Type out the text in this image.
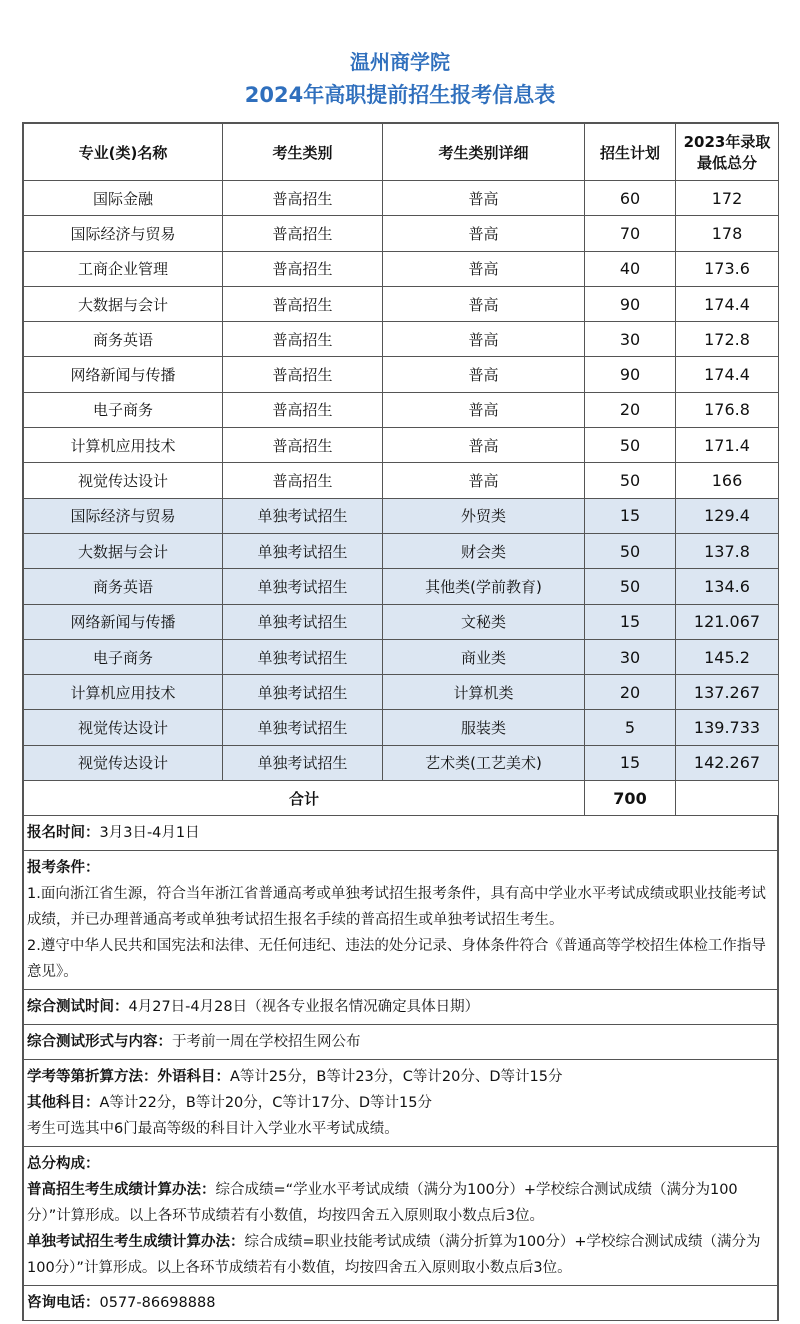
温州商学院
2024年高职提前招生报考信息表
专业(类)名称	考生类别	考生类别详细	招生计划	2023年录取
最低总分

国际金融	普高招生	普高	60	172
国际经济与贸易	普高招生	普高	70	178
工商企业管理	普高招生	普高	40	173.6
大数据与会计	普高招生	普高	90	174.4
商务英语	普高招生	普高	30	172.8
网络新闻与传播	普高招生	普高	90	174.4
电子商务	普高招生	普高	20	176.8
计算机应用技术	普高招生	普高	50	171.4
视觉传达设计	普高招生	普高	50	166
国际经济与贸易	单独考试招生	外贸类	15	129.4
大数据与会计	单独考试招生	财会类	50	137.8
商务英语	单独考试招生	其他类(学前教育)	50	134.6
网络新闻与传播	单独考试招生	文秘类	15	121.067
电子商务	单独考试招生	商业类	30	145.2
计算机应用技术	单独考试招生	计算机类	20	137.267
视觉传达设计	单独考试招生	服装类	5	139.733
视觉传达设计	单独考试招生	艺术类(工艺美术)	15	142.267
合计			700	
报名时间：3月3日-4月1日
报考条件：
1.面向浙江省生源，符合当年浙江省普通高考或单独考试招生报考条件，具有高中学业水平考试成绩或职业技能考试成绩，并已办理普通高考或单独考试招生报名手续的普高招生或单独考试招生考生。
2.遵守中华人民共和国宪法和法律、无任何违纪、违法的处分记录、身体条件符合《普通高等学校招生体检工作指导意见》。
综合测试时间：4月27日-4月28日（视各专业报名情况确定具体日期）
综合测试形式与内容：于考前一周在学校招生网公布
学考等第折算方法：外语科目：A等计25分，B等计23分，C等计20分、D等计15分
其他科目：A等计22分，B等计20分，C等计17分、D等计15分
考生可选其中6门最高等级的科目计入学业水平考试成绩。
总分构成：
普高招生考生成绩计算办法：综合成绩=“学业水平考试成绩（满分为100分）+学校综合测试成绩（满分为100分）”计算形成。以上各环节成绩若有小数值，均按四舍五入原则取小数点后3位。
单独考试招生考生成绩计算办法：综合成绩=职业技能考试成绩（满分折算为100分）+学校综合测试成绩（满分为100分）”计算形成。以上各环节成绩若有小数值，均按四舍五入原则取小数点后3位。
咨询电话：0577-86698888
